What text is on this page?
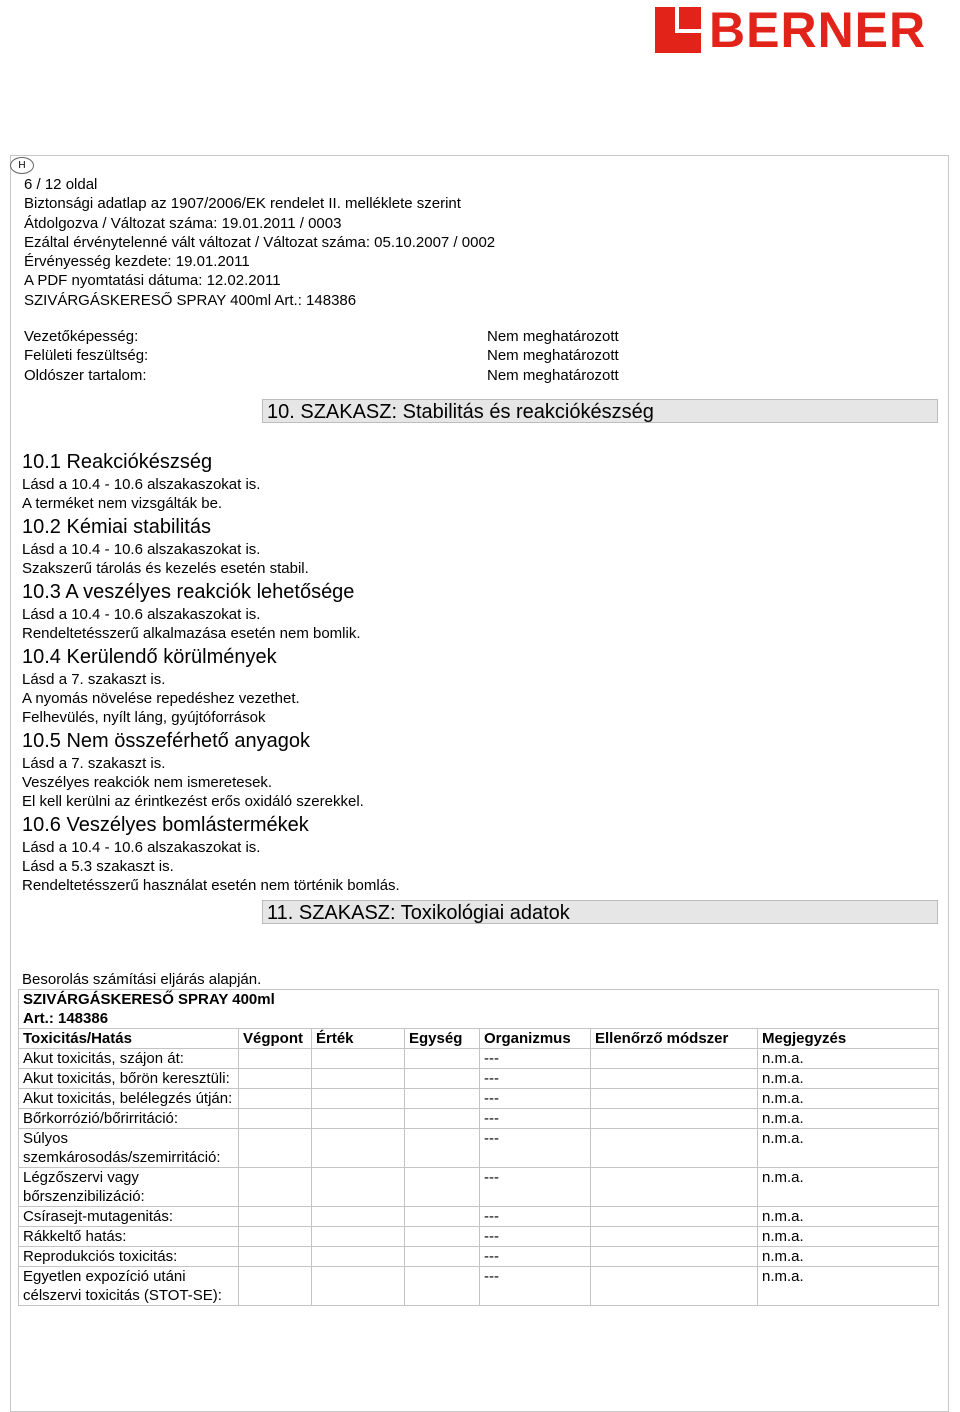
BERNER
H
6 / 12 oldal
Biztonsági adatlap az 1907/2006/EK rendelet II. melléklete szerint
Átdolgozva / Változat száma: 19.01.2011 / 0003
Ezáltal érvénytelenné vált változat / Változat száma: 05.10.2007 / 0002
Érvényesség kezdete: 19.01.2011
A PDF nyomtatási dátuma: 12.02.2011
SZIVÁRGÁSKERESŐ SPRAY 400ml Art.: 148386
Vezetőképesség:	Nem meghatározott
Felületi feszültség:	Nem meghatározott
Oldószer tartalom:	Nem meghatározott
10. SZAKASZ: Stabilitás és reakciókészség
10.1 Reakciókészség
Lásd a 10.4 - 10.6 alszakaszokat is.
A terméket nem vizsgálták be.
10.2 Kémiai stabilitás
Lásd a 10.4 - 10.6 alszakaszokat is.
Szakszerű tárolás és kezelés esetén stabil.
10.3 A veszélyes reakciók lehetősége
Lásd a 10.4 - 10.6 alszakaszokat is.
Rendeltetésszerű alkalmazása esetén nem bomlik.
10.4 Kerülendő körülmények
Lásd a 7. szakaszt is.
A nyomás növelése repedéshez vezethet.
Felhevülés, nyílt láng, gyújtóforrások
10.5 Nem összeférhető anyagok
Lásd a 7. szakaszt is.
Veszélyes reakciók nem ismeretesek.
El kell kerülni az érintkezést erős oxidáló szerekkel.
10.6 Veszélyes bomlástermékek
Lásd a 10.4 - 10.6 alszakaszokat is.
Lásd a 5.3 szakaszt is.
Rendeltetésszerű használat esetén nem történik bomlás.
11. SZAKASZ: Toxikológiai adatok
Besorolás számítási eljárás alapján.
SZIVÁRGÁSKERESŐ SPRAY 400ml
Art.: 148386						

Toxicitás/Hatás	Végpont	Érték	Egység	Organizmus	Ellenőrző módszer	Megjegyzés
Akut toxicitás, szájon át:				---		n.m.a.
Akut toxicitás, bőrön keresztüli:				---		n.m.a.
Akut toxicitás, belélegzés útján:				---		n.m.a.
Bőrkorrózió/bőrirritáció:				---		n.m.a.
Súlyos szemkárosodás/szemirritáció:				---		n.m.a.
Légzőszervi vagy bőrszenzibilizáció:				---		n.m.a.
Csírasejt-mutagenitás:				---		n.m.a.
Rákkeltő hatás:				---		n.m.a.
Reprodukciós toxicitás:				---		n.m.a.
Egyetlen expozíció utáni célszervi toxicitás (STOT-SE):				---		n.m.a.
